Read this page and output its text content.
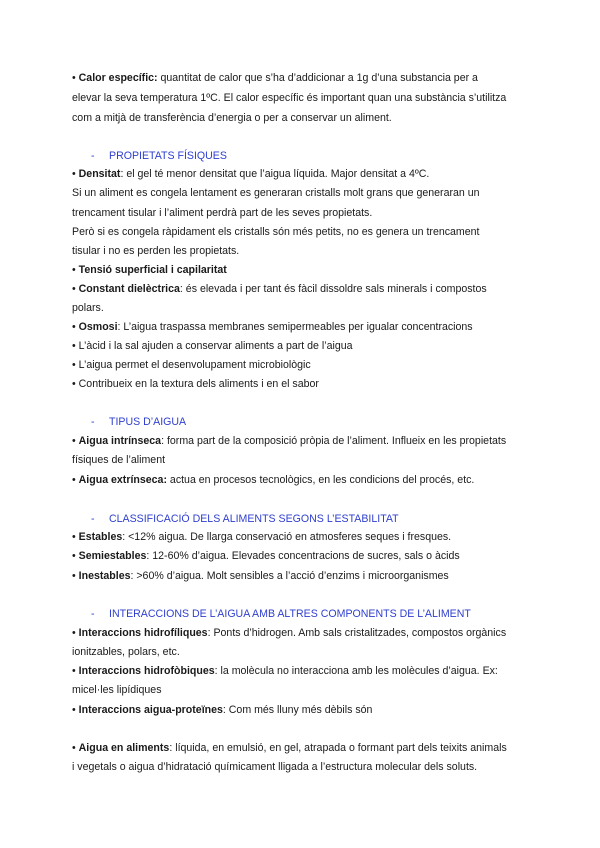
• Calor específic: quantitat de calor que s’ha d’addicionar a 1g d’una substancia per a
elevar la seva temperatura 1ºC. El calor específic és important quan una substància s’utilitza
com a mitjà de transferència d’energia o per a conservar un aliment.
- PROPIETATS FÍSIQUES
• Densitat: el gel té menor densitat que l’aigua líquida. Major densitat a 4ºC.
Si un aliment es congela lentament es generaran cristalls molt grans que generaran un
trencament tisular i l’aliment perdrà part de les seves propietats.
Però si es congela ràpidament els cristalls són més petits, no es genera un trencament
tisular i no es perden les propietats.
• Tensió superficial i capilaritat
• Constant dielèctrica: és elevada i per tant és fàcil dissoldre sals minerals i compostos
polars.
• Osmosi: L’aigua traspassa membranes semipermeables per igualar concentracions
• L’àcid i la sal ajuden a conservar aliments a part de l’aigua
• L’aigua permet el desenvolupament microbiològic
• Contribueix en la textura dels aliments i en el sabor
- TIPUS D’AIGUA
• Aigua intrínseca: forma part de la composició pròpia de l’aliment. Influeix en les propietats
físiques de l’aliment
• Aigua extrínseca: actua en procesos tecnològics, en les condicions del procés, etc.
- CLASSIFICACIÓ DELS ALIMENTS SEGONS L’ESTABILITAT
• Estables: <12% aigua. De llarga conservació en atmosferes seques i fresques.
• Semiestables: 12-60% d’aigua. Elevades concentracions de sucres, sals o àcids
• Inestables: >60% d’aigua. Molt sensibles a l’acció d’enzims i microorganismes
- INTERACCIONS DE L’AIGUA AMB ALTRES COMPONENTS DE L’ALIMENT
• Interaccions hidrofíliques: Ponts d’hidrogen. Amb sals cristalitzades, compostos orgànics
ionitzables, polars, etc.
• Interaccions hidrofòbiques: la molècula no interacciona amb les molècules d’aigua. Ex:
micel·les lipídiques
• Interaccions aigua-proteïnes: Com més lluny més dèbils són
• Aigua en aliments: líquida, en emulsió, en gel, atrapada o formant part dels teixits animals
i vegetals o aigua d’hidratació químicament lligada a l’estructura molecular dels soluts.
